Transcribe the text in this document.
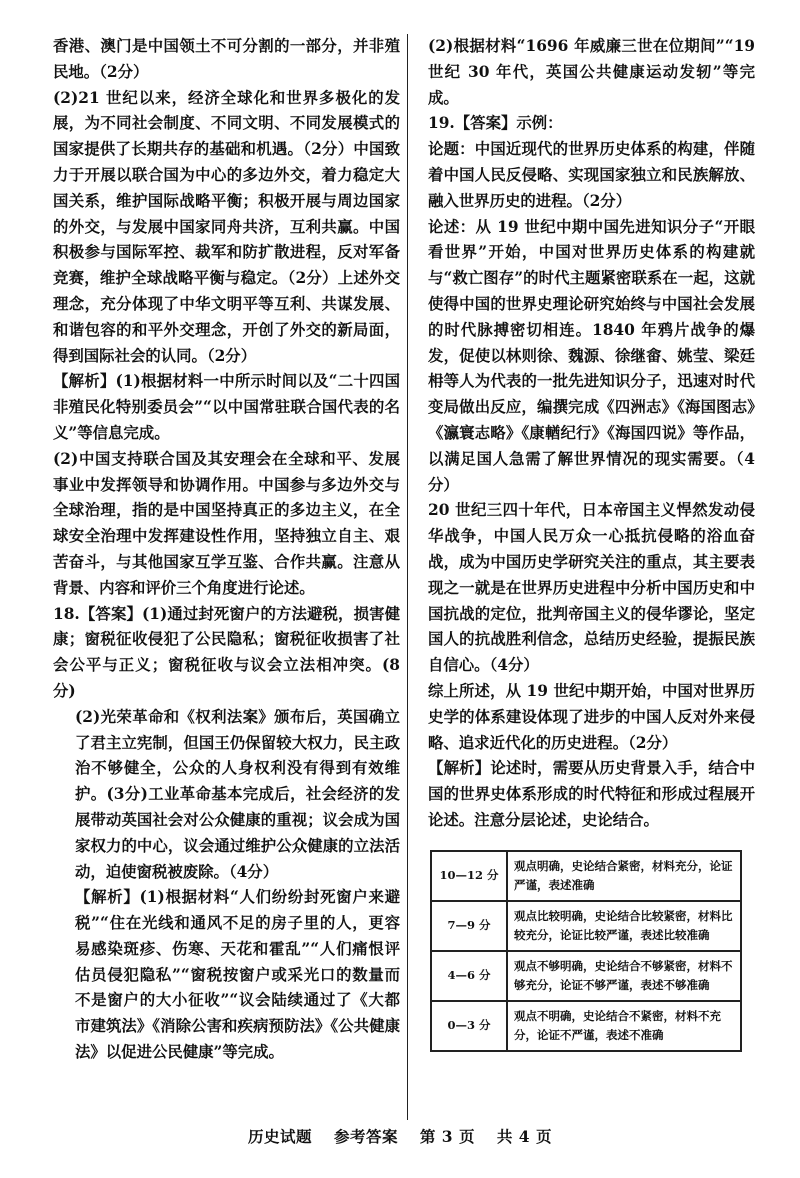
香港、澳门是中国领土不可分割的一部分，并非殖民地。（2分）

(2)21 世纪以来，经济全球化和世界多极化的发展，为不同社会制度、不同文明、不同发展模式的国家提供了长期共存的基础和机遇。（2分）中国致力于开展以联合国为中心的多边外交，着力稳定大国关系，维护国际战略平衡；积极开展与周边国家的外交，与发展中国家同舟共济，互利共赢。中国积极参与国际军控、裁军和防扩散进程，反对军备竞赛，维护全球战略平衡与稳定。（2分）上述外交理念，充分体现了中华文明平等互利、共谋发展、和谐包容的和平外交理念，开创了外交的新局面，得到国际社会的认同。（2分）

【解析】(1)根据材料一中所示时间以及“二十四国非殖民化特别委员会”“以中国常驻联合国代表的名义”等信息完成。

(2)中国支持联合国及其安理会在全球和平、发展事业中发挥领导和协调作用。中国参与多边外交与全球治理，指的是中国坚持真正的多边主义，在全球安全治理中发挥建设性作用，坚持独立自主、艰苦奋斗，与其他国家互学互鉴、合作共赢。注意从背景、内容和评价三个角度进行论述。

18.【答案】(1)通过封死窗户的方法避税，损害健康；窗税征收侵犯了公民隐私；窗税征收损害了社会公平与正义；窗税征收与议会立法相冲突。(8分)

(2)光荣革命和《权利法案》颁布后，英国确立了君主立宪制，但国王仍保留较大权力，民主政治不够健全，公众的人身权利没有得到有效维护。(3分)工业革命基本完成后，社会经济的发展带动英国社会对公众健康的重视；议会成为国家权力的中心，议会通过维护公众健康的立法活动，迫使窗税被废除。（4分）

【解析】(1)根据材料“人们纷纷封死窗户来避税”“住在光线和通风不足的房子里的人，更容易感染斑疹、伤寒、天花和霍乱”“人们痛恨评估员侵犯隐私”“窗税按窗户或采光口的数量而不是窗户的大小征收”“议会陆续通过了《大都市建筑法》《消除公害和疾病预防法》《公共健康法》以促进公民健康”等完成。

(2)根据材料“1696 年威廉三世在位期间”“19 世纪 30 年代，英国公共健康运动发轫”等完成。

19.【答案】示例：

论题：中国近现代的世界历史体系的构建，伴随着中国人民反侵略、实现国家独立和民族解放、融入世界历史的进程。（2分）

论述：从 19 世纪中期中国先进知识分子“开眼看世界”开始，中国对世界历史体系的构建就与“救亡图存”的时代主题紧密联系在一起，这就使得中国的世界史理论研究始终与中国社会发展的时代脉搏密切相连。1840 年鸦片战争的爆发，促使以林则徐、魏源、徐继畲、姚莹、梁廷枏等人为代表的一批先进知识分子，迅速对时代变局做出反应，编撰完成《四洲志》《海国图志》《瀛寰志略》《康輶纪行》《海国四说》等作品，以满足国人急需了解世界情况的现实需要。（4分）

20 世纪三四十年代，日本帝国主义悍然发动侵华战争，中国人民万众一心抵抗侵略的浴血奋战，成为中国历史学研究关注的重点，其主要表现之一就是在世界历史进程中分析中国历史和中国抗战的定位，批判帝国主义的侵华谬论，坚定国人的抗战胜利信念，总结历史经验，提振民族自信心。（4分）

综上所述，从 19 世纪中期开始，中国对世界历史学的体系建设体现了进步的中国人反对外来侵略、追求近代化的历史进程。（2分）

【解析】论述时，需要从历史背景入手，结合中国的世界史体系形成的时代特征和形成过程展开论述。注意分层论述，史论结合。

10—12 分	观点明确，史论结合紧密，材料充分，论证严谨，表述准确
7—9 分	观点比较明确，史论结合比较紧密，材料比较充分，论证比较严谨，表述比较准确
4—6 分	观点不够明确，史论结合不够紧密，材料不够充分，论证不够严谨，表述不够准确
0—3 分	观点不明确，史论结合不紧密，材料不充分，论证不严谨，表述不准确
历史试题 参考答案 第 3 页 共 4 页
